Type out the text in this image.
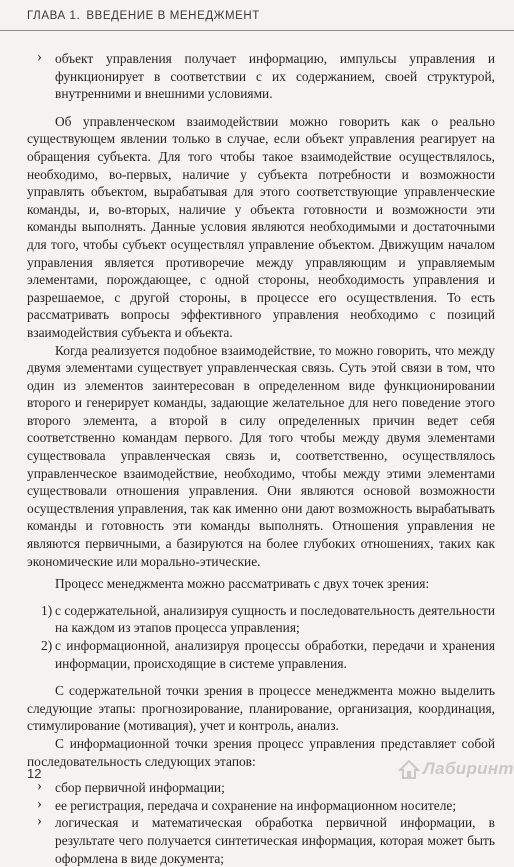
ГЛАВА 1. ВВЕДЕНИЕ В МЕНЕДЖМЕНТ
› объект управления получает информацию, импульсы управления и функционирует в соответствии с их содержанием, своей структурой, внутренними и внешними условиями.

Об управленческом взаимодействии можно говорить как о реально существующем явлении только в случае, если объект управления реагирует на обращения субъекта. Для того чтобы такое взаимодействие осуществлялось, необходимо, во-первых, наличие у субъекта потребности и возможности управлять объектом, вырабатывая для этого соответствующие управленческие команды, и, во-вторых, наличие у объекта готовности и возможности эти команды выполнять. Данные условия являются необходимыми и достаточными для того, чтобы субъект осуществлял управление объектом. Движущим началом управления является противоречие между управляющим и управляемым элементами, порождающее, с одной стороны, необходимость управления и разрешаемое, с другой стороны, в процессе его осуществления. То есть рассматривать вопросы эффективного управления необходимо с позиций взаимодействия субъекта и объекта.

Когда реализуется подобное взаимодействие, то можно говорить, что между двумя элементами существует управленческая связь. Суть этой связи в том, что один из элементов заинтересован в определенном виде функционировании второго и генерирует команды, задающие желательное для него поведение этого второго элемента, а второй в силу определенных причин ведет себя соответственно командам первого. Для того чтобы между двумя элементами существовала управленческая связь и, соответственно, осуществлялось управленческое взаимодействие, необходимо, чтобы между этими элементами существовали отношения управления. Они являются основой возможности осуществления управления, так как именно они дают возможность вырабатывать команды и готовность эти команды выполнять. Отношения управления не являются первичными, а базируются на более глубоких отношениях, таких как экономические или морально-этические.

Процесс менеджмента можно рассматривать с двух точек зрения:

1) с содержательной, анализируя сущность и последовательность деятельности на каждом из этапов процесса управления;
2) с информационной, анализируя процессы обработки, передачи и хранения информации, происходящие в системе управления.

С содержательной точки зрения в процессе менеджмента можно выделить следующие этапы: прогнозирование, планирование, организация, координация, стимулирование (мотивация), учет и контроль, анализ.

С информационной точки зрения процесс управления представляет собой последовательность следующих этапов:

› сбор первичной информации;
› ее регистрация, передача и сохранение на информационном носителе;
› логическая и математическая обработка первичной информации, в результате чего получается синтетическая информация, которая может быть оформлена в виде документа;
12	Лабиринт
